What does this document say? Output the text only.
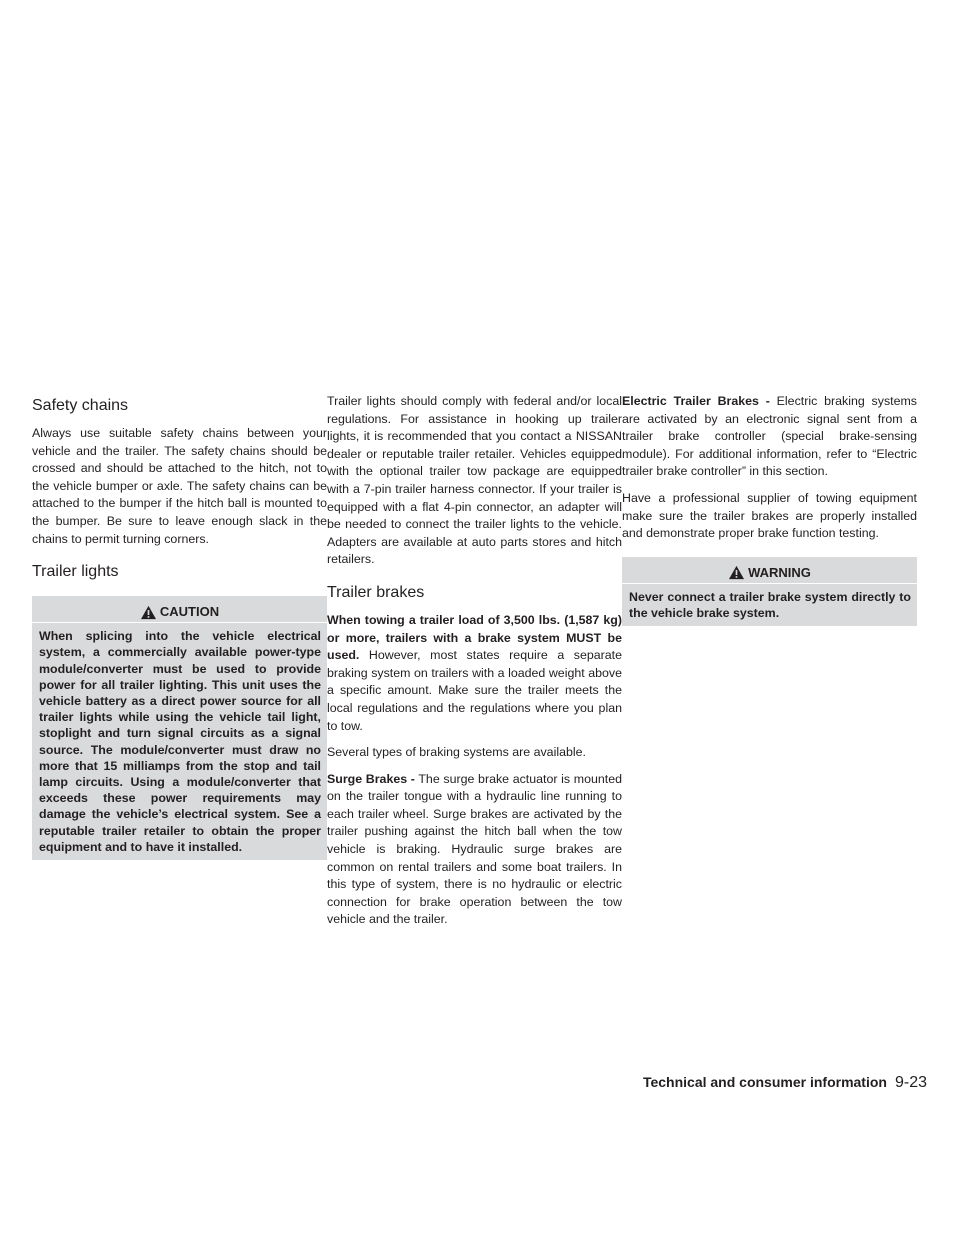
Safety chains

Always use suitable safety chains between your vehicle and the trailer. The safety chains should be crossed and should be attached to the hitch, not to the vehicle bumper or axle. The safety chains can be attached to the bumper if the hitch ball is mounted to the bumper. Be sure to leave enough slack in the chains to permit turning corners.

Trailer lights
CAUTION
When splicing into the vehicle electrical system, a commercially available power-type module/converter must be used to provide power for all trailer lighting. This unit uses the vehicle battery as a direct power source for all trailer lights while using the vehicle tail light, stoplight and turn signal circuits as a signal source. The module/converter must draw no more that 15 milliamps from the stop and tail lamp circuits. Using a module/converter that exceeds these power requirements may damage the vehicle’s electrical system. See a reputable trailer retailer to obtain the proper equipment and to have it installed.

Trailer lights should comply with federal and/or local regulations. For assistance in hooking up trailer lights, it is recommended that you contact a NISSAN dealer or reputable trailer retailer. Vehicles equipped with the optional trailer tow package are equipped with a 7-pin trailer harness connector. If your trailer is equipped with a flat 4-pin connector, an adapter will be needed to connect the trailer lights to the vehicle. Adapters are available at auto parts stores and hitch retailers.

Trailer brakes

When towing a trailer load of 3,500 lbs. (1,587 kg) or more, trailers with a brake system MUST be used. However, most states require a separate braking system on trailers with a loaded weight above a specific amount. Make sure the trailer meets the local regulations and the regulations where you plan to tow.

Several types of braking systems are available.

Surge Brakes - The surge brake actuator is mounted on the trailer tongue with a hydraulic line running to each trailer wheel. Surge brakes are activated by the trailer pushing against the hitch ball when the tow vehicle is braking. Hydraulic surge brakes are common on rental trailers and some boat trailers. In this type of system, there is no hydraulic or electric connection for brake operation between the tow vehicle and the trailer.

Electric Trailer Brakes - Electric braking systems are activated by an electronic signal sent from a trailer brake controller (special brake-sensing module). For additional information, refer to “Electric trailer brake controller” in this section.

Have a professional supplier of towing equipment make sure the trailer brakes are properly installed and demonstrate proper brake function testing.

WARNING
Never connect a trailer brake system directly to the vehicle brake system.
Technical and consumer information 9-23
